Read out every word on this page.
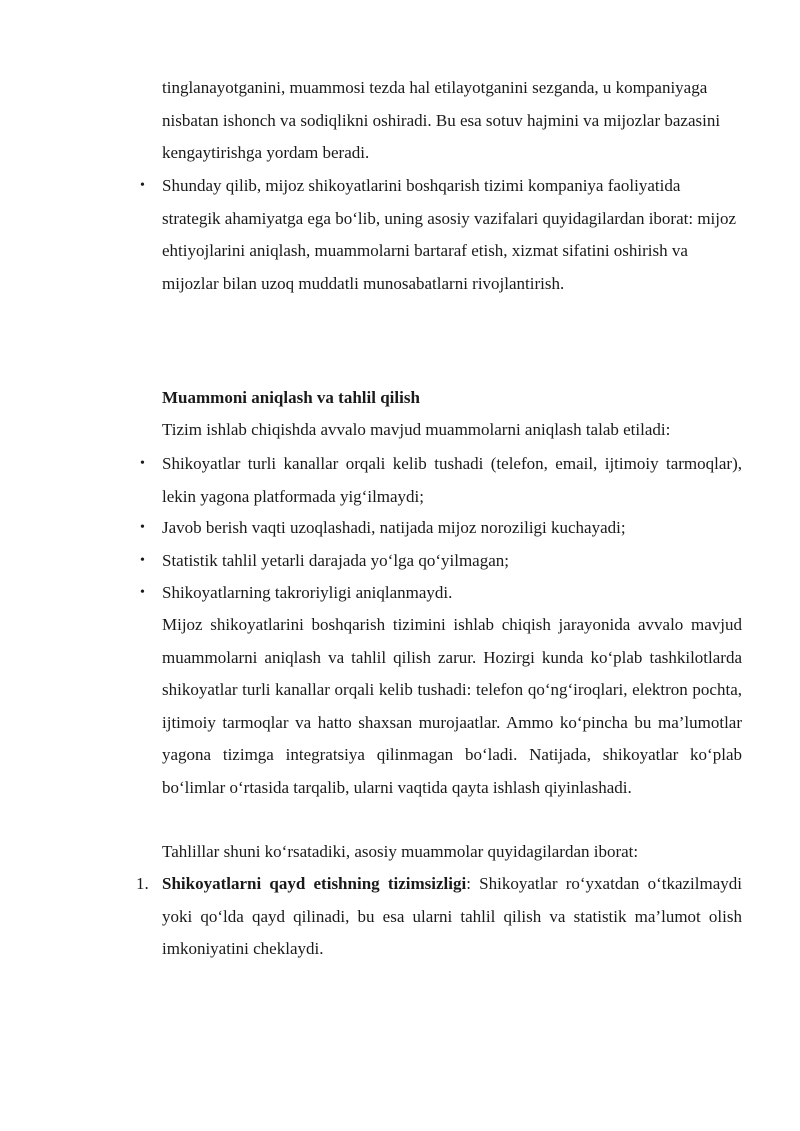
tinglanayotganini, muammosi tezda hal etilayotganini sezganda, u kompaniyaga nisbatan ishonch va sodiqlikni oshiradi. Bu esa sotuv hajmini va mijozlar bazasini kengaytirishga yordam beradi.

• Shunday qilib, mijoz shikoyatlarini boshqarish tizimi kompaniya faoliyatida strategik ahamiyatga ega bo‘lib, uning asosiy vazifalari quyidagilardan iborat: mijoz ehtiyojlarini aniqlash, muammolarni bartaraf etish, xizmat sifatini oshirish va mijozlar bilan uzoq muddatli munosabatlarni rivojlantirish.

Muammoni aniqlash va tahlil qilish

Tizim ishlab chiqishda avvalo mavjud muammolarni aniqlash talab etiladi:

• Shikoyatlar turli kanallar orqali kelib tushadi (telefon, email, ijtimoiy tarmoqlar), lekin yagona platformada yig‘ilmaydi;

• Javob berish vaqti uzoqlashadi, natijada mijoz noroziligi kuchayadi;

• Statistik tahlil yetarli darajada yo‘lga qo‘yilmagan;

• Shikoyatlarning takroriyligi aniqlanmaydi.

Mijoz shikoyatlarini boshqarish tizimini ishlab chiqish jarayonida avvalo mavjud muammolarni aniqlash va tahlil qilish zarur. Hozirgi kunda ko‘plab tashkilotlarda shikoyatlar turli kanallar orqali kelib tushadi: telefon qo‘ng‘iroqlari, elektron pochta, ijtimoiy tarmoqlar va hatto shaxsan murojaatlar. Ammo ko‘pincha bu ma’lumotlar yagona tizimga integratsiya qilinmagan bo‘ladi. Natijada, shikoyatlar ko‘plab bo‘limlar o‘rtasida tarqalib, ularni vaqtida qayta ishlash qiyinlashadi.

Tahlillar shuni ko‘rsatadiki, asosiy muammolar quyidagilardan iborat:

1. Shikoyatlarni qayd etishning tizimsizligi: Shikoyatlar ro‘yxatdan o‘tkazilmaydi yoki qo‘lda qayd qilinadi, bu esa ularni tahlil qilish va statistik ma’lumot olish imkoniyatini cheklaydi.
